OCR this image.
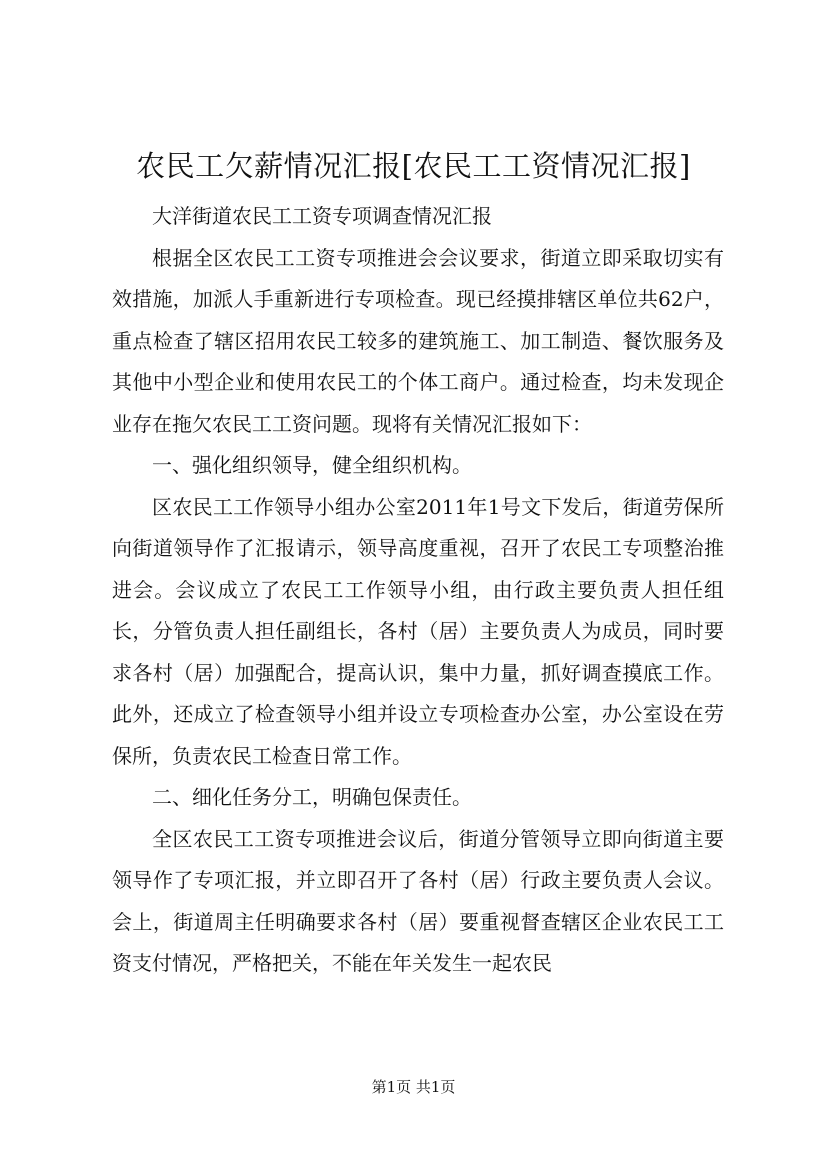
农民工欠薪情况汇报[农民工工资情况汇报]

大洋街道农民工工资专项调查情况汇报

根据全区农民工工资专项推进会会议要求，街道立即采取切实有效措施，加派人手重新进行专项检查。现已经摸排辖区单位共62户，重点检查了辖区招用农民工较多的建筑施工、加工制造、餐饮服务及其他中小型企业和使用农民工的个体工商户。通过检查，均未发现企业存在拖欠农民工工资问题。现将有关情况汇报如下：

一、强化组织领导，健全组织机构。

区农民工工作领导小组办公室2011年1号文下发后，街道劳保所向街道领导作了汇报请示，领导高度重视，召开了农民工专项整治推进会。会议成立了农民工工作领导小组，由行政主要负责人担任组长，分管负责人担任副组长，各村（居）主要负责人为成员，同时要求各村（居）加强配合，提高认识，集中力量，抓好调查摸底工作。此外，还成立了检查领导小组并设立专项检查办公室，办公室设在劳保所，负责农民工检查日常工作。

二、细化任务分工，明确包保责任。

全区农民工工资专项推进会议后，街道分管领导立即向街道主要领导作了专项汇报，并立即召开了各村（居）行政主要负责人会议。会上，街道周主任明确要求各村（居）要重视督查辖区企业农民工工资支付情况，严格把关，不能在年关发生一起农民

第1页 共1页
